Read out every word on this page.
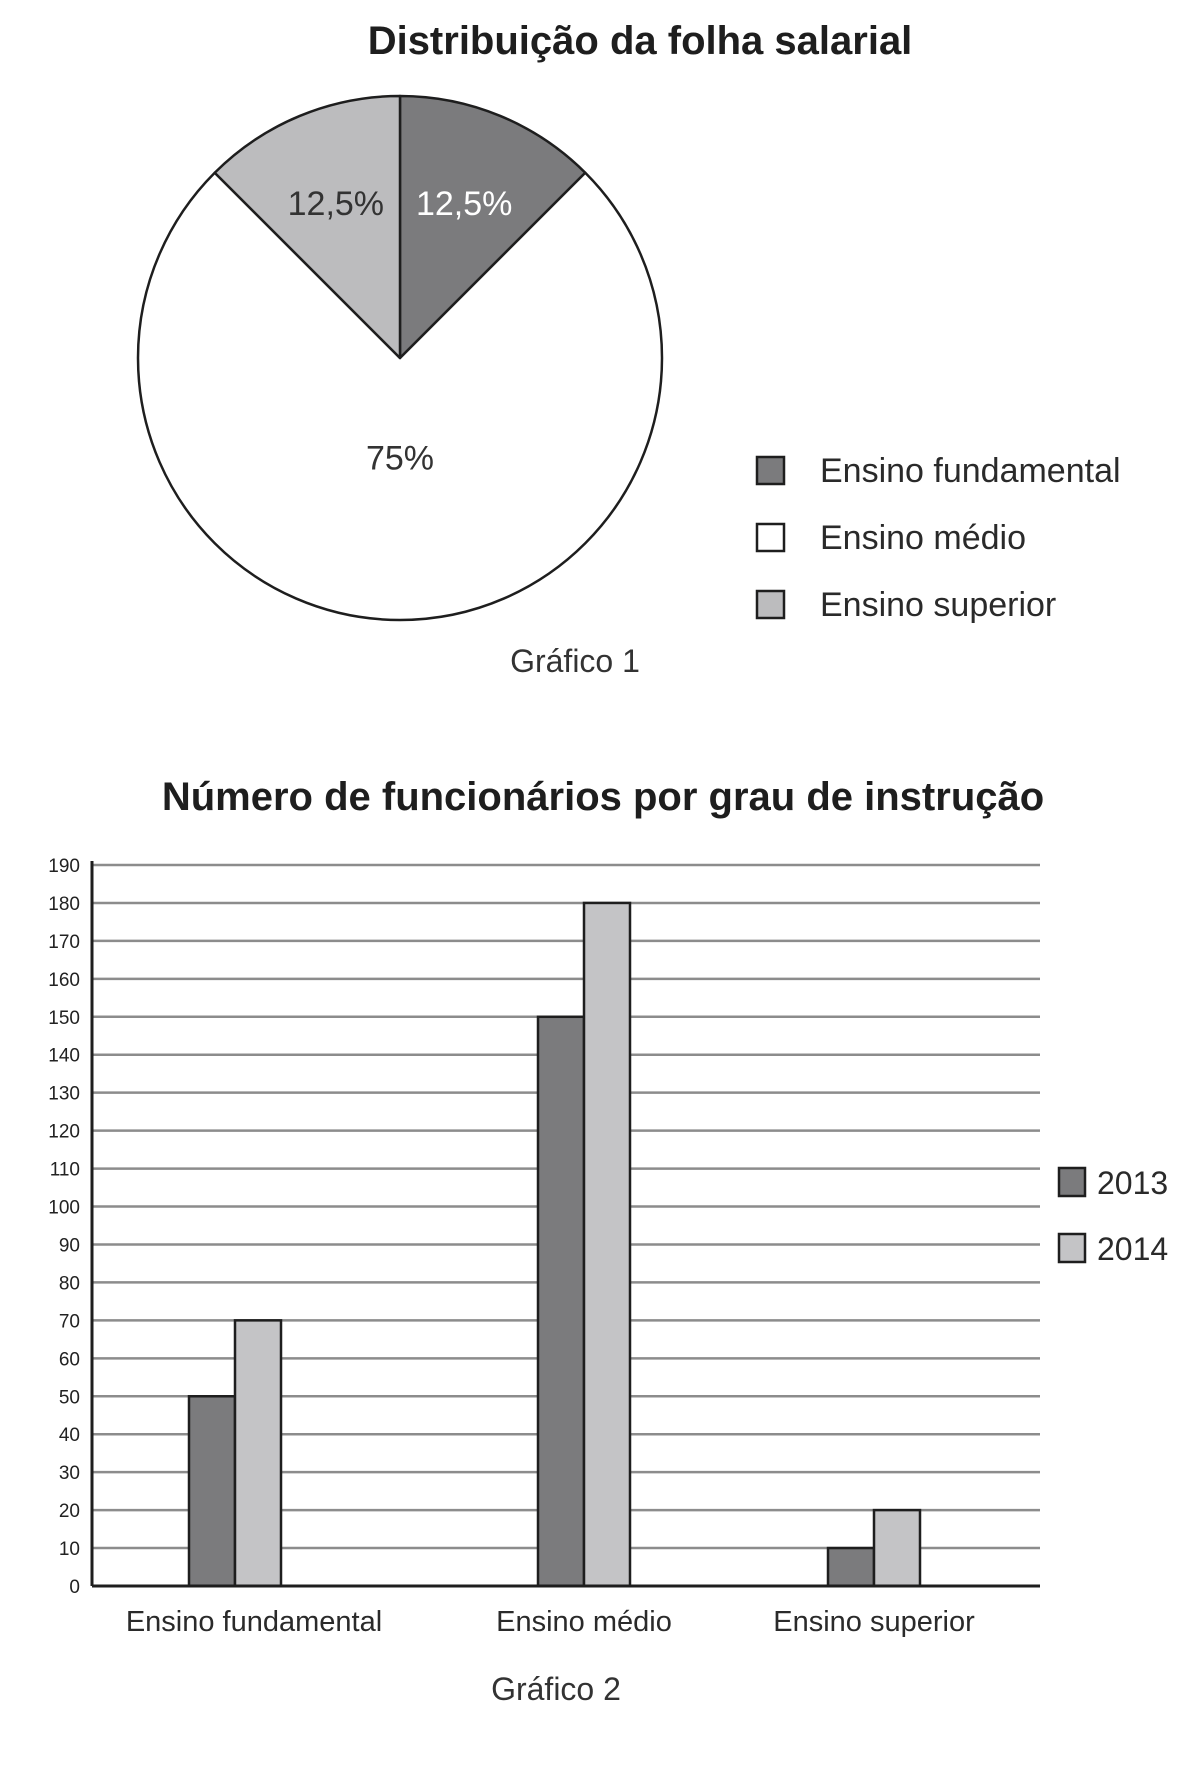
Distribuição da folha salarial
12,5%
75%
12,5%
Ensino fundamental
Ensino médio
Ensino superior
Gráfico 1
Número de funcionários por grau de instrução
0
10
20
30
40
50
60
70
80
90
100
110
120
130
140
150
160
170
180
190
Ensino fundamental	Ensino médio	Ensino superior
2013
2014
Gráfico 2
